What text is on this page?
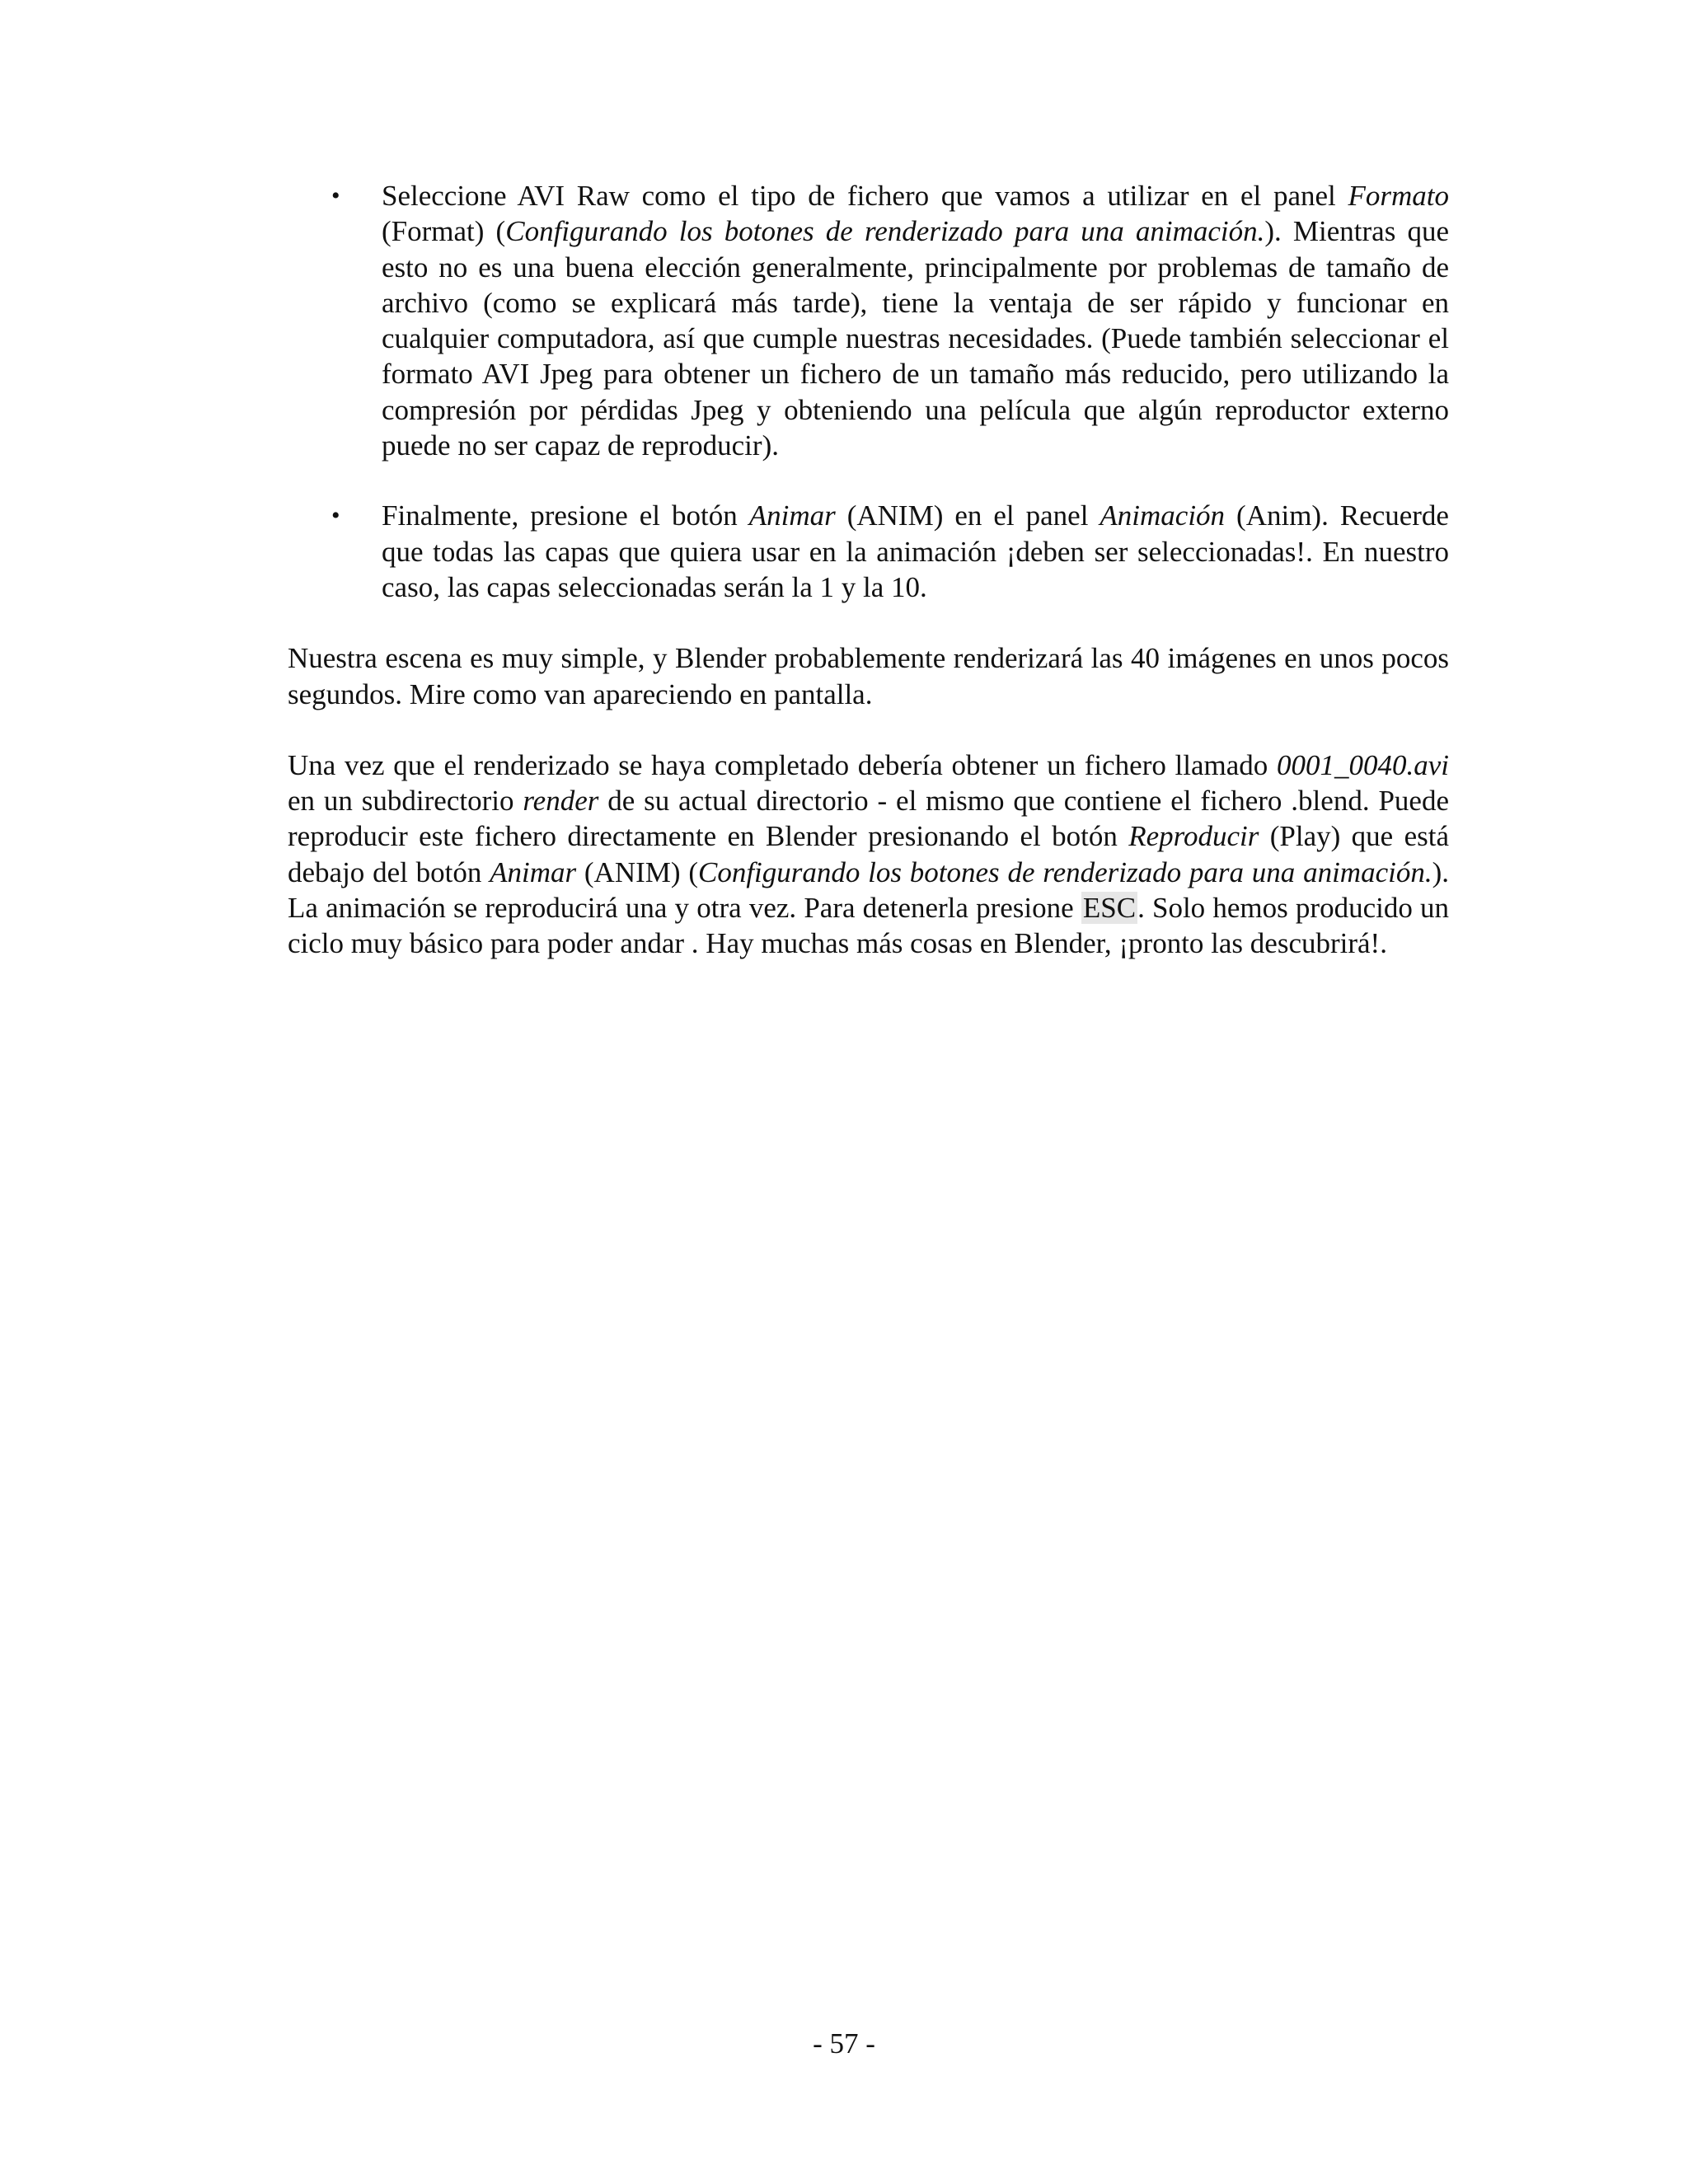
• Seleccione AVI Raw como el tipo de fichero que vamos a utilizar en el panel Formato (Format) (Configurando los botones de renderizado para una animación.). Mientras que esto no es una buena elección generalmente, principalmente por problemas de tamaño de archivo (como se explicará más tarde), tiene la ventaja de ser rápido y funcionar en cualquier computadora, así que cumple nuestras necesidades. (Puede también seleccionar el formato AVI Jpeg para obtener un fichero de un tamaño más reducido, pero utilizando la compresión por pérdidas Jpeg y obteniendo una película que algún reproductor externo puede no ser capaz de reproducir).
• Finalmente, presione el botón Animar (ANIM) en el panel Animación (Anim). Recuerde que todas las capas que quiera usar en la animación ¡deben ser seleccionadas!. En nuestro caso, las capas seleccionadas serán la 1 y la 10.

Nuestra escena es muy simple, y Blender probablemente renderizará las 40 imágenes en unos pocos segundos. Mire como van apareciendo en pantalla.

Una vez que el renderizado se haya completado debería obtener un fichero llamado 0001_0040.avi en un subdirectorio render de su actual directorio - el mismo que contiene el fichero .blend. Puede reproducir este fichero directamente en Blender presionando el botón Reproducir (Play) que está debajo del botón Animar (ANIM) (Configurando los botones de renderizado para una animación.). La animación se reproducirá una y otra vez. Para detenerla presione ESC. Solo hemos producido un ciclo muy básico para poder andar . Hay muchas más cosas en Blender, ¡pronto las descubrirá!.

- 57 -
